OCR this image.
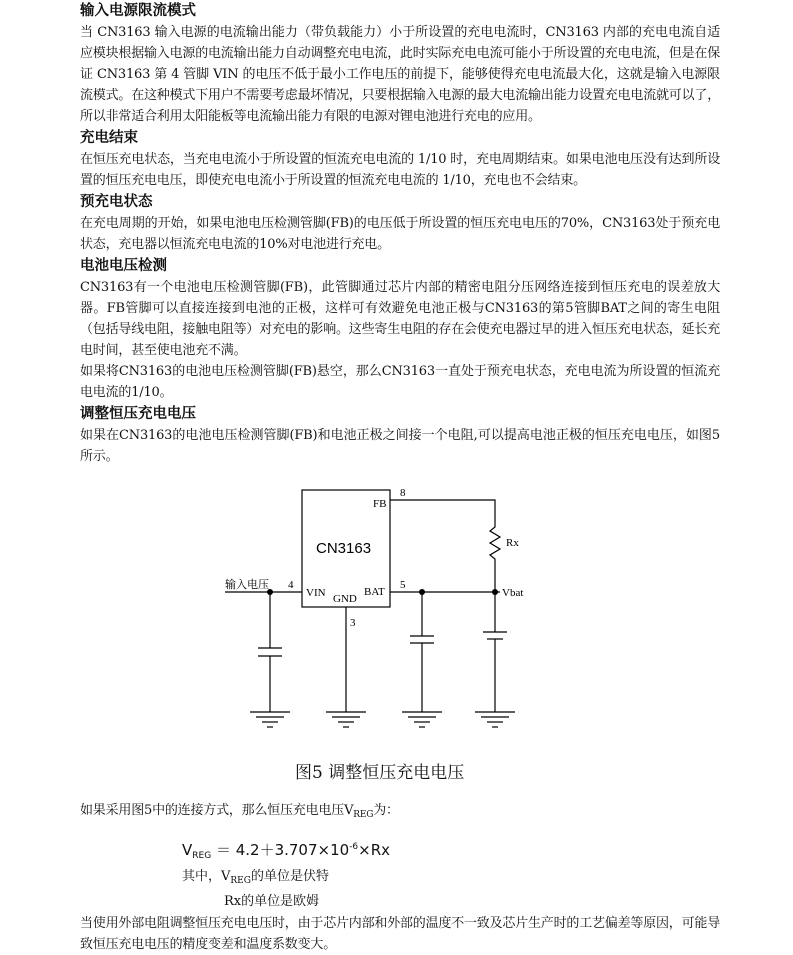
输入电源限流模式

当 CN3163 输入电源的电流输出能力（带负载能力）小于所设置的充电电流时，CN3163 内部的充电电流自适应模块根据输入电源的电流输出能力自动调整充电电流，此时实际充电电流可能小于所设置的充电电流，但是在保证 CN3163 第 4 管脚 VIN 的电压不低于最小工作电压的前提下，能够使得充电电流最大化，这就是输入电源限流模式。在这种模式下用户不需要考虑最坏情况，只要根据输入电源的最大电流输出能力设置充电电流就可以了，所以非常适合利用太阳能板等电流输出能力有限的电源对锂电池进行充电的应用。

充电结束

在恒压充电状态，当充电电流小于所设置的恒流充电电流的 1/10 时，充电周期结束。如果电池电压没有达到所设置的恒压充电电压，即使充电电流小于所设置的恒流充电电流的 1/10，充电也不会结束。

预充电状态

在充电周期的开始，如果电池电压检测管脚(FB)的电压低于所设置的恒压充电电压的70%，CN3163处于预充电状态，充电器以恒流充电电流的10%对电池进行充电。

电池电压检测

CN3163有一个电池电压检测管脚(FB)，此管脚通过芯片内部的精密电阻分压网络连接到恒压充电的误差放大器。FB管脚可以直接连接到电池的正极，这样可有效避免电池正极与CN3163的第5管脚BAT之间的寄生电阻（包括导线电阻，接触电阻等）对充电的影响。这些寄生电阻的存在会使充电器过早的进入恒压充电状态，延长充电时间，甚至使电池充不满。

如果将CN3163的电池电压检测管脚(FB)悬空，那么CN3163一直处于预充电状态，充电电流为所设置的恒流充电电流的1/10。

调整恒压充电电压

如果在CN3163的电池电压检测管脚(FB)和电池正极之间接一个电阻,可以提高电池正极的恒压充电电压，如图5所示。

FB
8
VIN
4
GND
3
BAT
5
Rx
Vbat
输入电压
CN3163
图5 调整恒压充电电压

如果采用图5中的连接方式，那么恒压充电电压$V_{REG}$为：

$V_{REG} = 4.2+3.707\times 10^{-6}\times Rx$
其中，$V_{REG}$的单位是伏特
Rx的单位是欧姆

当使用外部电阻调整恒压充电电压时，由于芯片内部和外部的温度不一致及芯片生产时的工艺偏差等原因，可能导致恒压充电电压的精度变差和温度系数变大。
